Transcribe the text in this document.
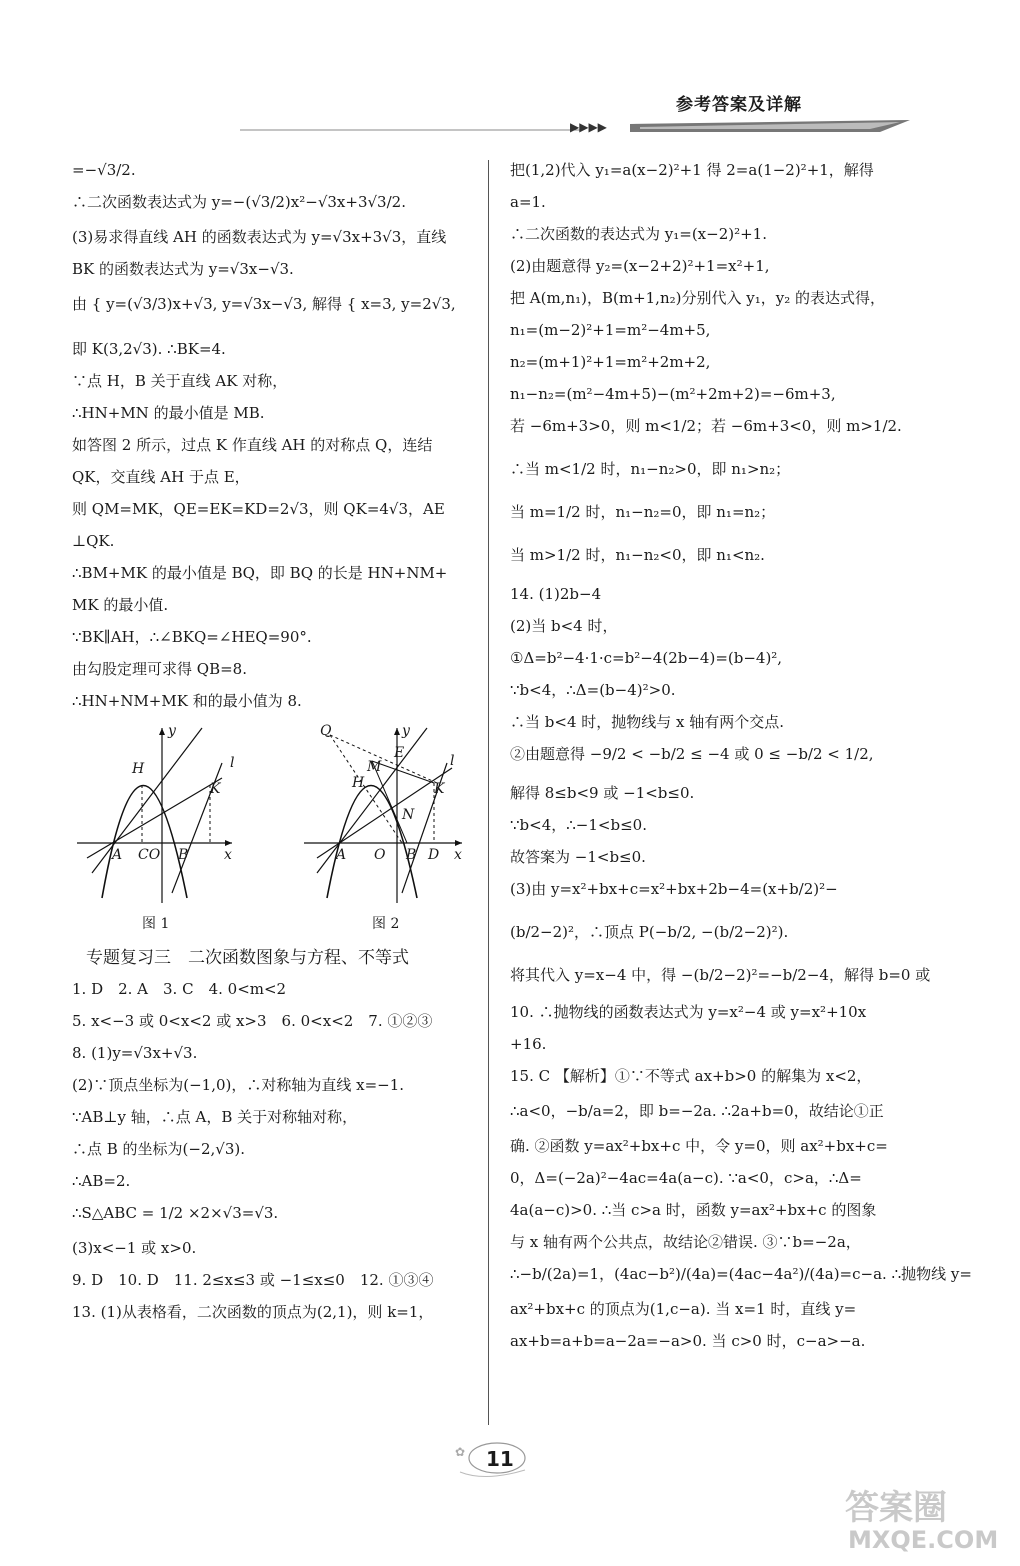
参考答案及详解
▶▶▶▶
=−√3/2.
∴二次函数表达式为 y=−(√3/2)x²−√3x+3√3/2.
(3)易求得直线 AH 的函数表达式为 y=√3x+3√3，直线
BK 的函数表达式为 y=√3x−√3.
由 { y=(√3/3)x+√3, y=√3x−√3, 解得 { x=3, y=2√3,
即 K(3,2√3). ∴BK=4.
∵点 H，B 关于直线 AK 对称，
∴HN+MN 的最小值是 MB.
如答图 2 所示，过点 K 作直线 AH 的对称点 Q，连结
QK，交直线 AH 于点 E，
则 QM=MK，QE=EK=KD=2√3，则 QK=4√3，AE
⊥QK.
∴BM+MK 的最小值是 BQ，即 BQ 的长是 HN+NM+
MK 的最小值.
∵BK∥AH，∴∠BKQ=∠HEQ=90°.
由勾股定理可求得 QB=8.
∴HN+NM+MK 和的最小值为 8.
y
H	l
K
A CO B	x
Q	y
E
M
H
l
K
N
A O B D x
图 1	图 2
专题复习三　二次函数图象与方程、不等式
1. D　2. A　3. C　4. 0<m<2
5. x<−3 或 0<x<2 或 x>3　6. 0<x<2　7. ①②③
8. (1)y=√3x+√3.
(2)∵顶点坐标为(−1,0)，∴对称轴为直线 x=−1.
∵AB⊥y 轴，∴点 A，B 关于对称轴对称，
∴点 B 的坐标为(−2,√3).
∴AB=2.
∴S△ABC = 1/2 ×2×√3=√3.
(3)x<−1 或 x>0.
9. D　10. D　11. 2≤x≤3 或 −1≤x≤0　12. ①③④
13. (1)从表格看，二次函数的顶点为(2,1)，则 k=1，
把(1,2)代入 y₁=a(x−2)²+1 得 2=a(1−2)²+1，解得
a=1.
∴二次函数的表达式为 y₁=(x−2)²+1.
(2)由题意得 y₂=(x−2+2)²+1=x²+1,
把 A(m,n₁)，B(m+1,n₂)分别代入 y₁，y₂ 的表达式得，
n₁=(m−2)²+1=m²−4m+5,
n₂=(m+1)²+1=m²+2m+2,
n₁−n₂=(m²−4m+5)−(m²+2m+2)=−6m+3,
若 −6m+3>0，则 m<1/2；若 −6m+3<0，则 m>1/2.
∴当 m<1/2 时，n₁−n₂>0，即 n₁>n₂；
当 m=1/2 时，n₁−n₂=0，即 n₁=n₂；
当 m>1/2 时，n₁−n₂<0，即 n₁<n₂.
14. (1)2b−4
(2)当 b<4 时，
①Δ=b²−4·1·c=b²−4(2b−4)=(b−4)²,
∵b<4，∴Δ=(b−4)²>0.
∴当 b<4 时，抛物线与 x 轴有两个交点.
②由题意得 −9/2 < −b/2 ≤ −4 或 0 ≤ −b/2 < 1/2,
解得 8≤b<9 或 −1<b≤0.
∵b<4，∴−1<b≤0.
故答案为 −1<b≤0.
(3)由 y=x²+bx+c=x²+bx+2b−4=(x+b/2)²−
(b/2−2)²，∴顶点 P(−b/2, −(b/2−2)²).
将其代入 y=x−4 中，得 −(b/2−2)²=−b/2−4，解得 b=0 或
10. ∴抛物线的函数表达式为 y=x²−4 或 y=x²+10x
+16.
15. C 【解析】①∵不等式 ax+b>0 的解集为 x<2，
∴a<0，−b/a=2，即 b=−2a. ∴2a+b=0，故结论①正
确. ②函数 y=ax²+bx+c 中，令 y=0，则 ax²+bx+c=
0，Δ=(−2a)²−4ac=4a(a−c). ∵a<0，c>a，∴Δ=
4a(a−c)>0. ∴当 c>a 时，函数 y=ax²+bx+c 的图象
与 x 轴有两个公共点，故结论②错误. ③∵b=−2a，
∴−b/(2a)=1，(4ac−b²)/(4a)=(4ac−4a²)/(4a)=c−a. ∴抛物线 y=
ax²+bx+c 的顶点为(1,c−a). 当 x=1 时，直线 y=
ax+b=a+b=a−2a=−a>0. 当 c>0 时，c−a>−a.
✿ 11
答案圈
MXQE.COM
